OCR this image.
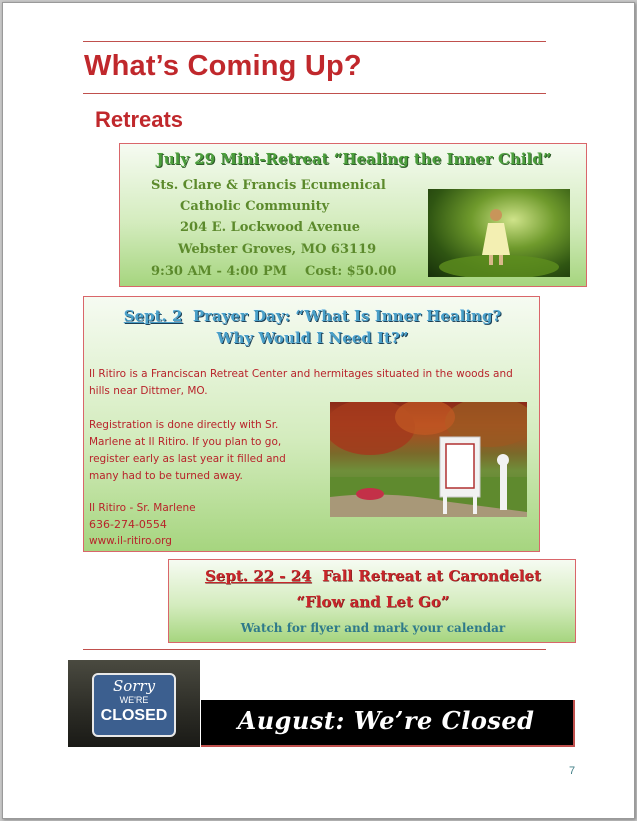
What’s Coming Up?
Retreats
July 29 Mini-Retreat “Healing the Inner Child”
Sts. Clare & Francis Ecumenical
Catholic Community
204 E. Lockwood Avenue
Webster Groves, MO 63119
9:30 AM - 4:00 PM Cost: $50.00
Sept. 2 Prayer Day: “What Is Inner Healing?
Why Would I Need It?”
Il Ritiro is a Franciscan Retreat Center and hermitages situated in the woods and hills near Dittmer, MO.
Registration is done directly with Sr.
Marlene at Il Ritiro. If you plan to go,
register early as last year it filled and
many had to be turned away.
Il Ritiro - Sr. Marlene
636-274-0554
www.il-ritiro.org
Sept. 22 - 24 Fall Retreat at Carondelet
“Flow and Let Go”
Watch for flyer and mark your calendar
Sorry
WE'RE
CLOSED	August: We’re Closed
7
